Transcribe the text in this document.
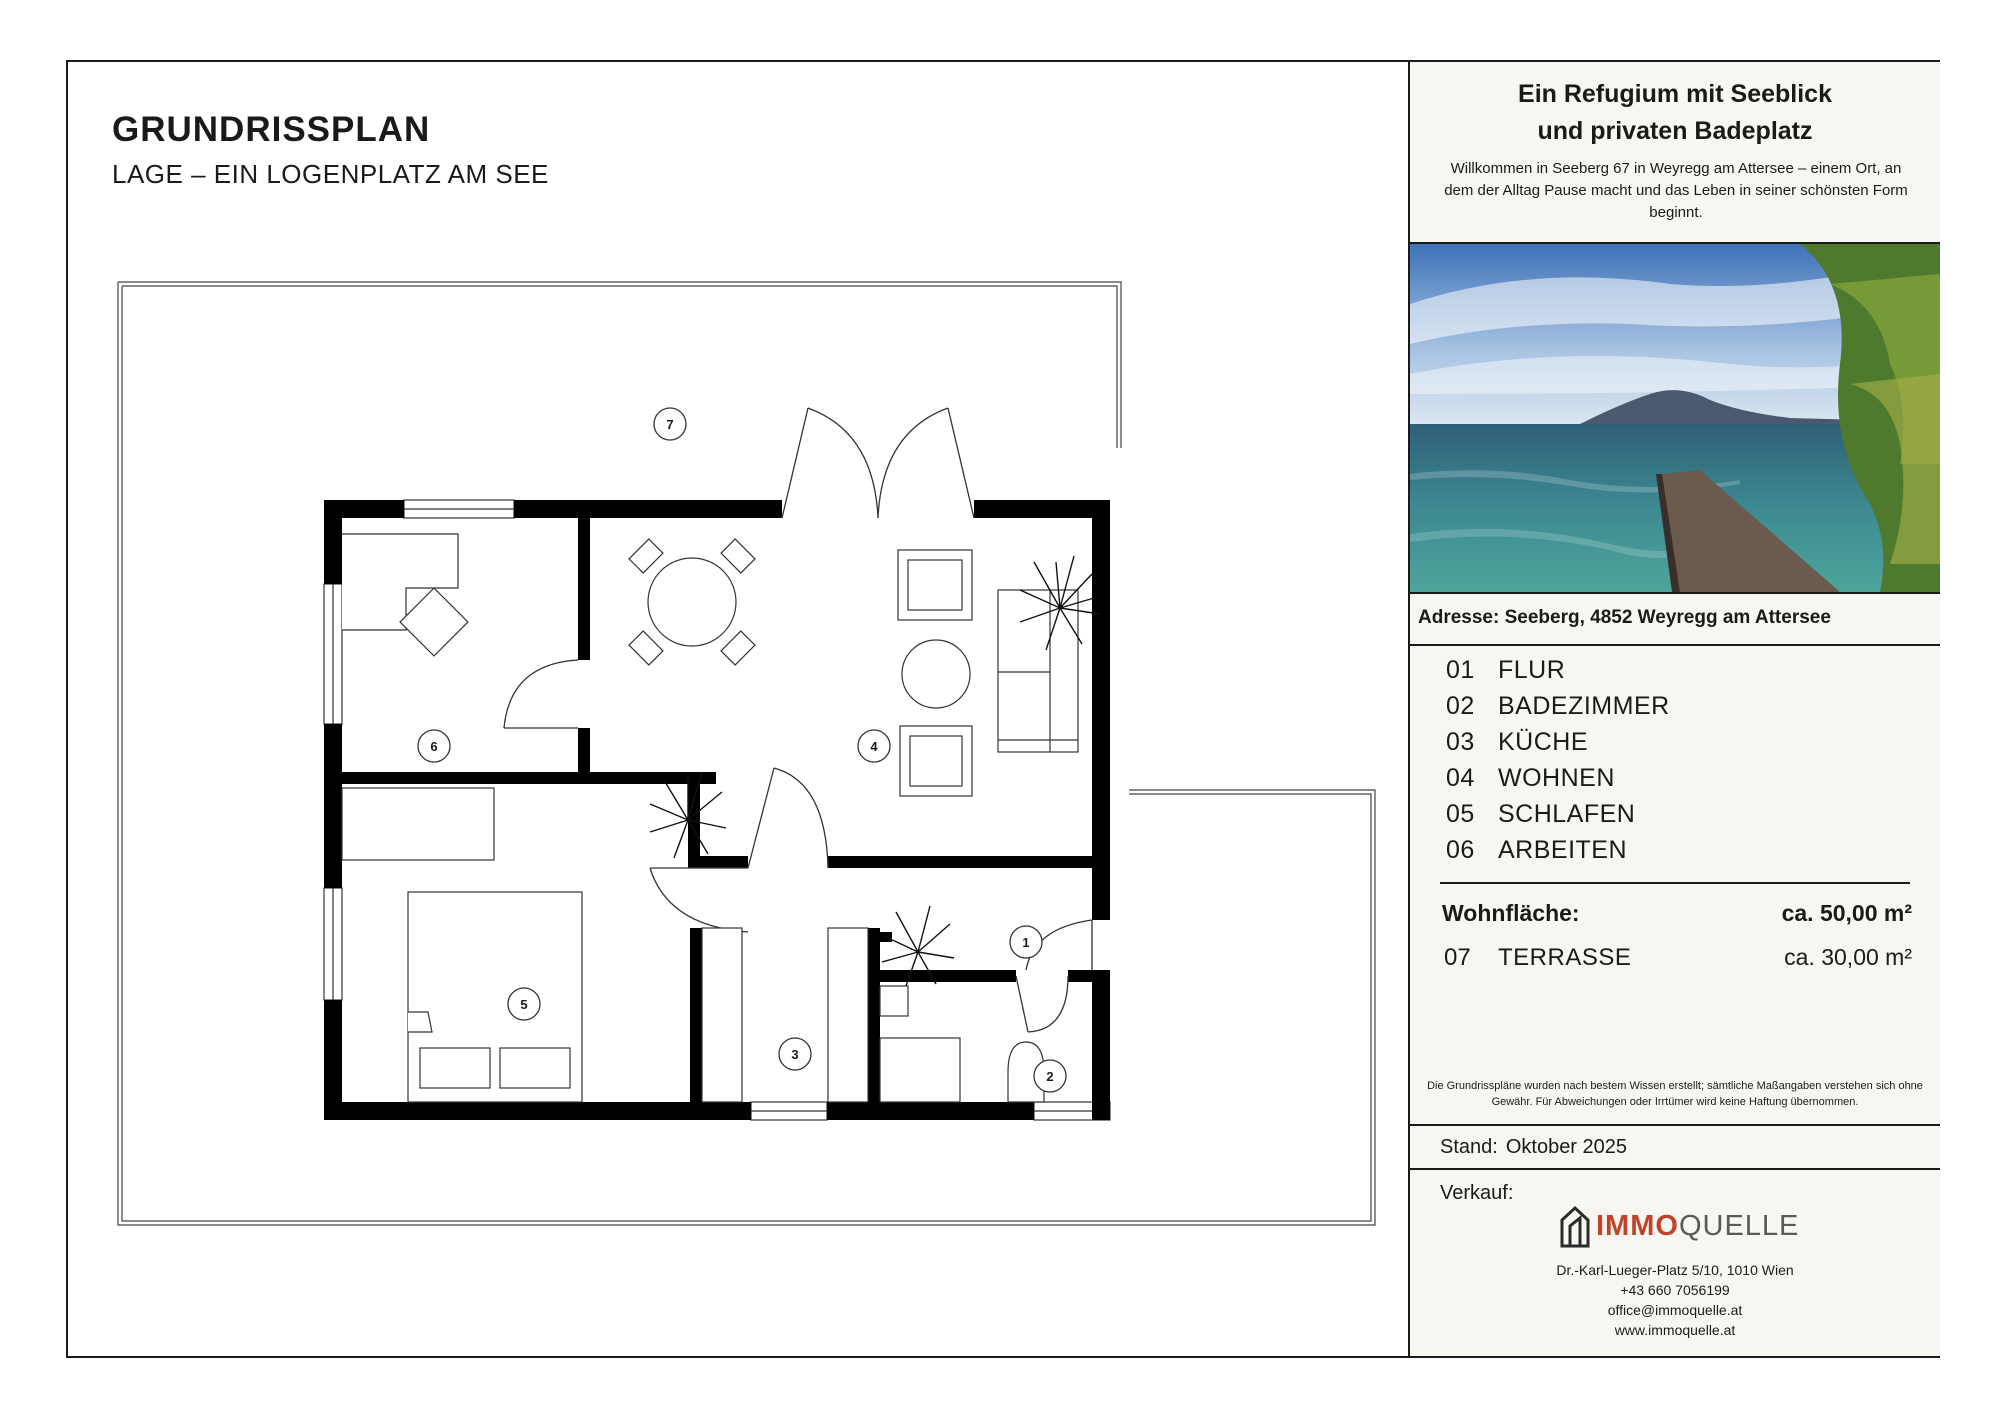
GRUNDRISSPLAN
LAGE – EIN LOGENPLATZ AM SEE
1
2
3
4
5
6
7
Ein Refugium mit Seeblick
und privaten Badeplatz
Willkommen in Seeberg 67 in Weyregg am Attersee – einem Ort, an dem der Alltag Pause macht und das Leben in seiner schönsten Form beginnt.
Adresse: Seeberg, 4852 Weyregg am Attersee
01 FLUR
02 BADEZIMMER
03 KÜCHE
04 WOHNEN
05 SCHLAFEN
06 ARBEITEN
Wohnfläche:	ca. 50,00 m²
07 TERRASSE	ca. 30,00 m²
Die Grundrisspläne wurden nach bestem Wissen erstellt; sämtliche Maßangaben verstehen sich ohne Gewähr. Für Abweichungen oder Irrtümer wird keine Haftung übernommen.
Stand: Oktober 2025
Verkauf:
IMMOQUELLE
Dr.-Karl-Lueger-Platz 5/10, 1010 Wien
+43 660 7056199
office@immoquelle.at
www.immoquelle.at
